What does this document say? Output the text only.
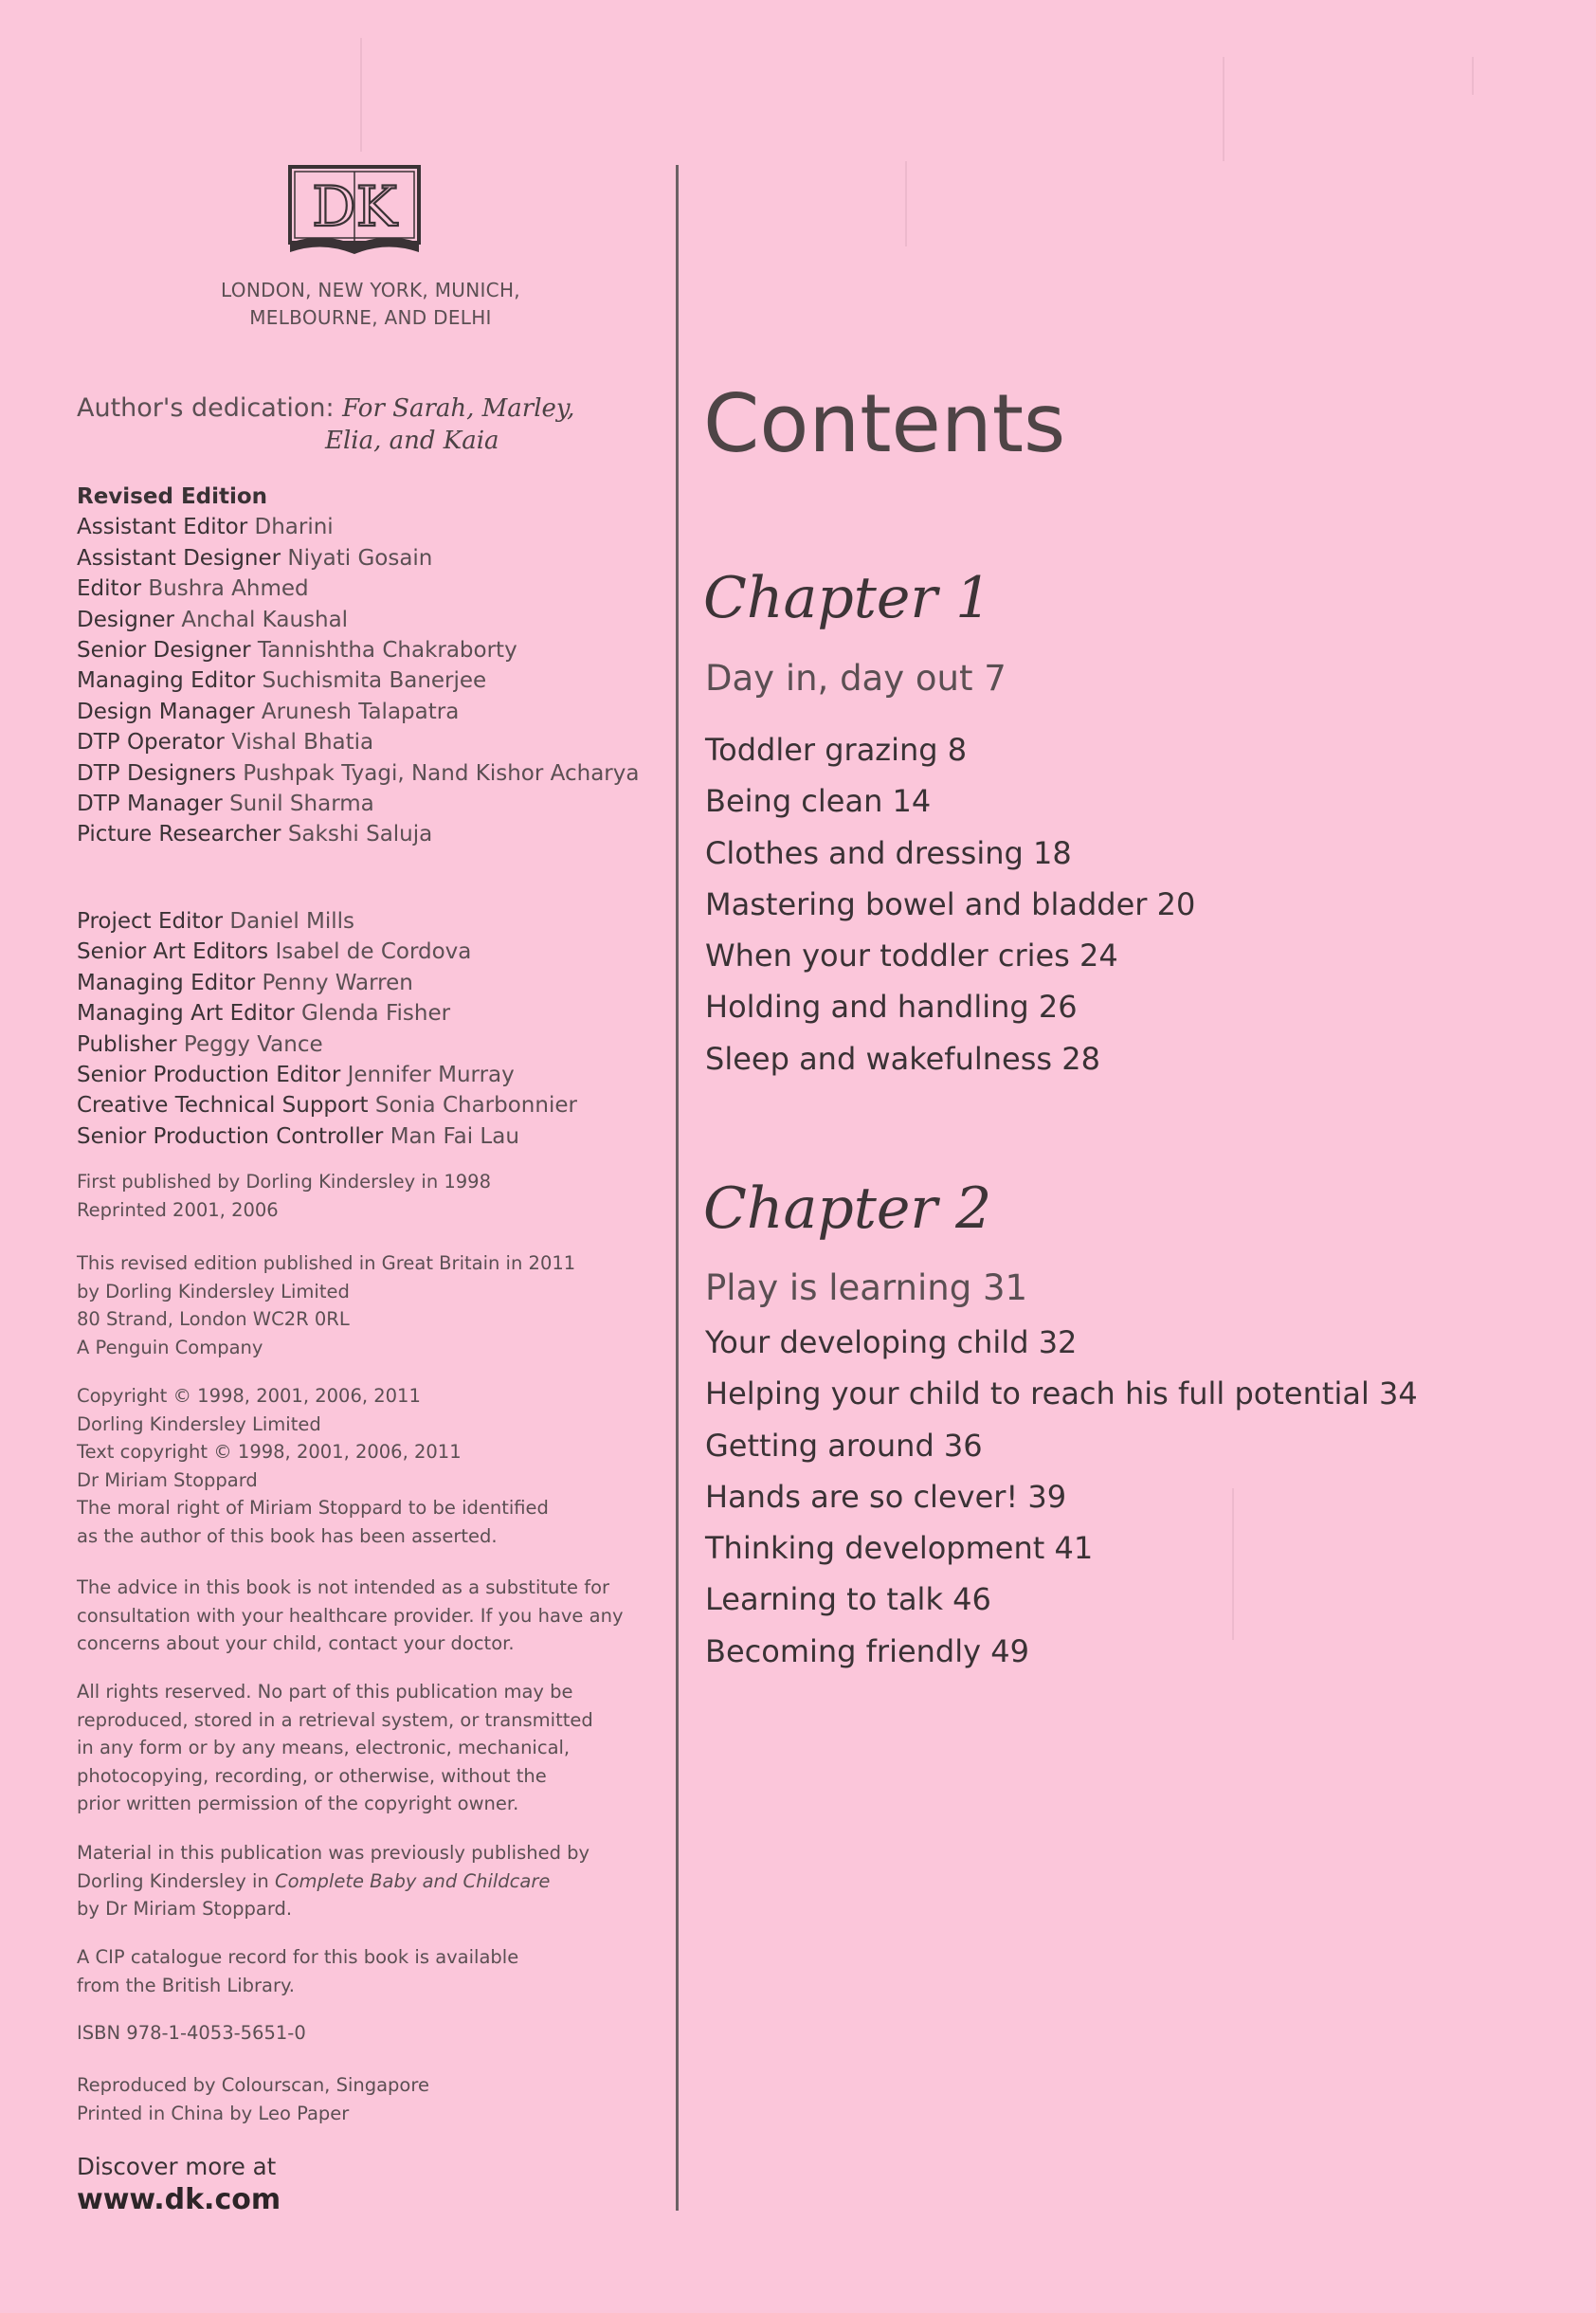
DK
LONDON, NEW YORK, MUNICH,
MELBOURNE, AND DELHI
Author's dedication: For Sarah, Marley,
Elia, and Kaia
Revised Edition
Assistant Editor Dharini
Assistant Designer Niyati Gosain
Editor Bushra Ahmed
Designer Anchal Kaushal
Senior Designer Tannishtha Chakraborty
Managing Editor Suchismita Banerjee
Design Manager Arunesh Talapatra
DTP Operator Vishal Bhatia
DTP Designers Pushpak Tyagi, Nand Kishor Acharya
DTP Manager Sunil Sharma
Picture Researcher Sakshi Saluja
Project Editor Daniel Mills
Senior Art Editors Isabel de Cordova
Managing Editor Penny Warren
Managing Art Editor Glenda Fisher
Publisher Peggy Vance
Senior Production Editor Jennifer Murray
Creative Technical Support Sonia Charbonnier
Senior Production Controller Man Fai Lau
First published by Dorling Kindersley in 1998
Reprinted 2001, 2006
This revised edition published in Great Britain in 2011
by Dorling Kindersley Limited
80 Strand, London WC2R 0RL
A Penguin Company
Copyright © 1998, 2001, 2006, 2011
Dorling Kindersley Limited
Text copyright © 1998, 2001, 2006, 2011
Dr Miriam Stoppard
The moral right of Miriam Stoppard to be identified
as the author of this book has been asserted.
The advice in this book is not intended as a substitute for
consultation with your healthcare provider. If you have any
concerns about your child, contact your doctor.
All rights reserved. No part of this publication may be
reproduced, stored in a retrieval system, or transmitted
in any form or by any means, electronic, mechanical,
photocopying, recording, or otherwise, without the
prior written permission of the copyright owner.
Material in this publication was previously published by
Dorling Kindersley in Complete Baby and Childcare
by Dr Miriam Stoppard.
A CIP catalogue record for this book is available
from the British Library.
ISBN 978-1-4053-5651-0
Reproduced by Colourscan, Singapore
Printed in China by Leo Paper
Discover more at
www.dk.com
Contents
Chapter 1
Day in, day out 7
Toddler grazing 8
Being clean 14
Clothes and dressing 18
Mastering bowel and bladder 20
When your toddler cries 24
Holding and handling 26
Sleep and wakefulness 28
Chapter 2
Play is learning 31
Your developing child 32
Helping your child to reach his full potential 34
Getting around 36
Hands are so clever! 39
Thinking development 41
Learning to talk 46
Becoming friendly 49
